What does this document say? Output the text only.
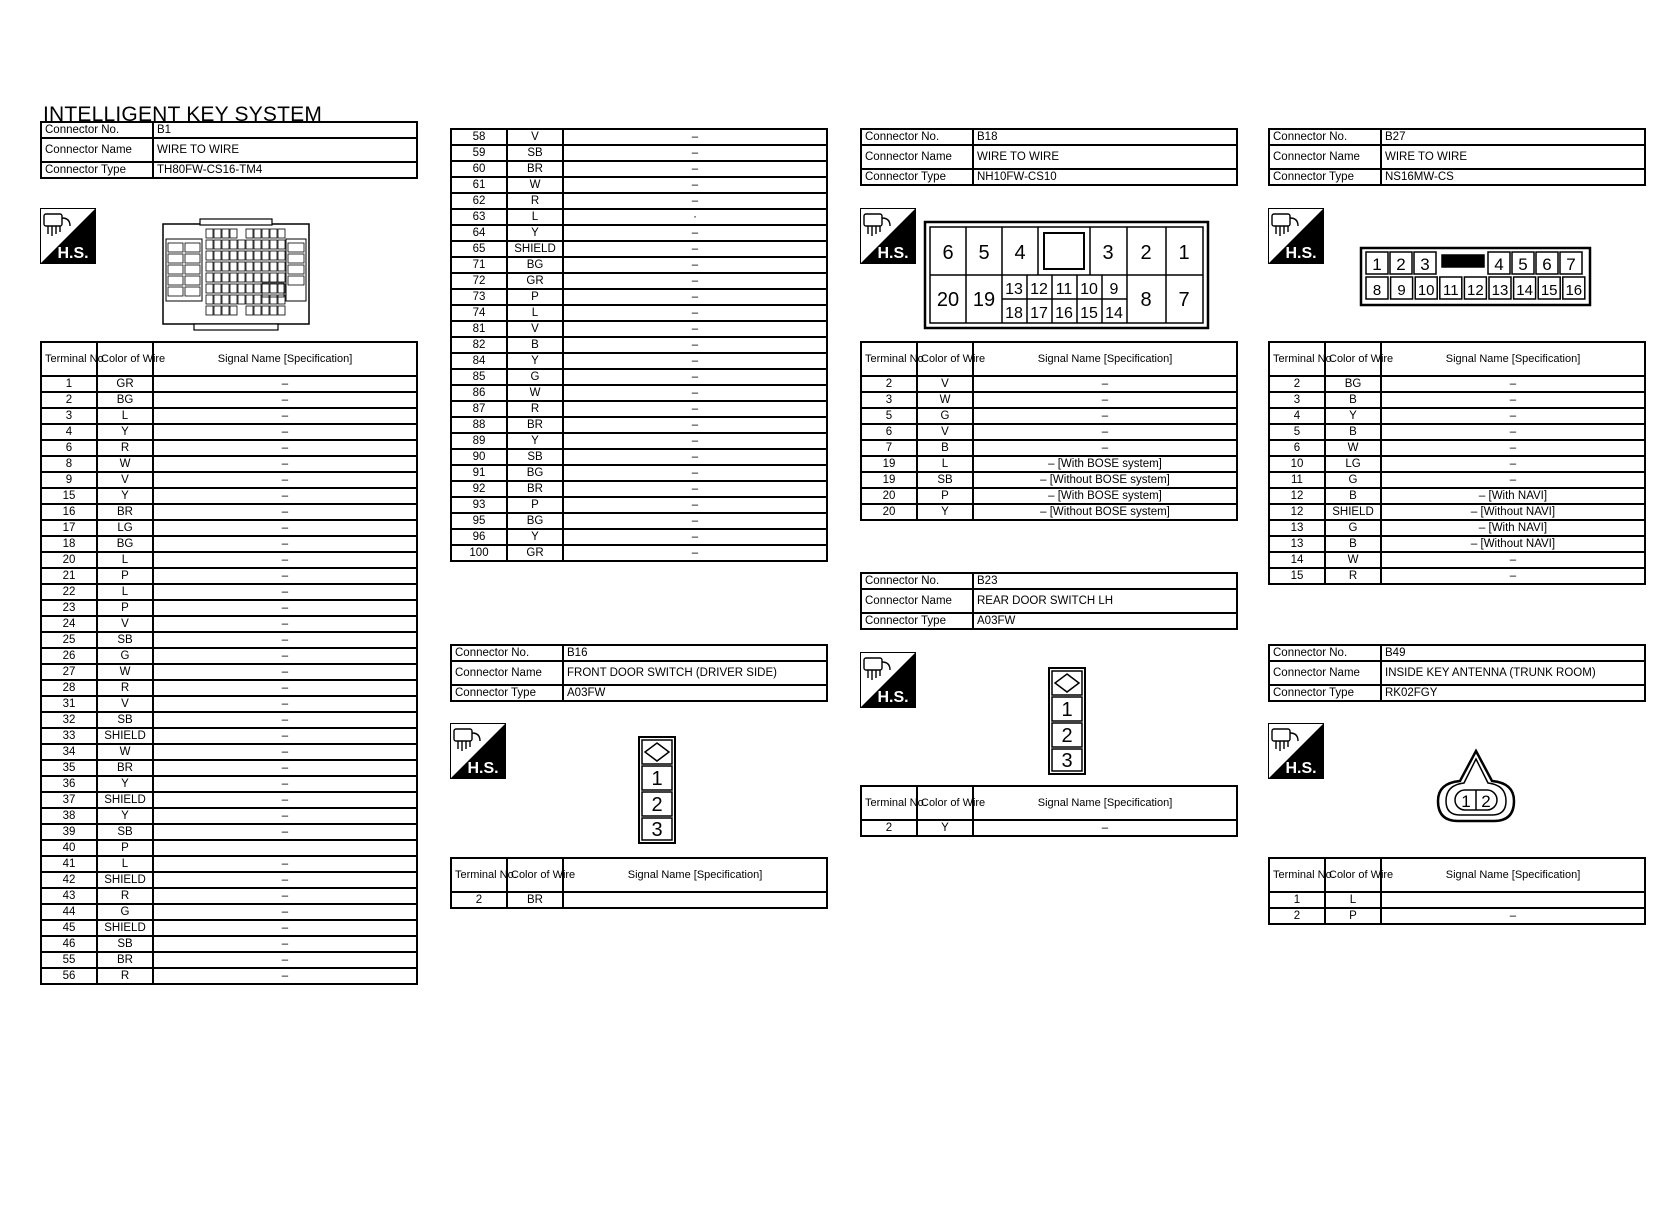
INTELLIGENT KEY SYSTEM
Connector No.	B1
Connector Name	WIRE TO WIRE
Connector Type	TH80FW-CS16-TM4
H.S.
Terminal No.	Color of Wire	Signal Name [Specification]
1	GR	–
2	BG	–
3	L	–
4	Y	–
6	R	–
8	W	–
9	V	–
15	Y	–
16	BR	–
17	LG	–
18	BG	–
20	L	–
21	P	–
22	L	–
23	P	–
24	V	–
25	SB	–
26	G	–
27	W	–
28	R	–
31	V	–
32	SB	–
33	SHIELD	–
34	W	–
35	BR	–
36	Y	–
37	SHIELD	–
38	Y	–
39	SB	–
40	P	
41	L	–
42	SHIELD	–
43	R	–
44	G	–
45	SHIELD	–
46	SB	–
55	BR	–
56	R	–
58	V	–
59	SB	–
60	BR	–
61	W	–
62	R	–
63	L	·
64	Y	–
65	SHIELD	–
71	BG	–
72	GR	–
73	P	–
74	L	–
81	V	–
82	B	–
84	Y	–
85	G	–
86	W	–
87	R	–
88	BR	–
89	Y	–
90	SB	–
91	BG	–
92	BR	–
93	P	–
95	BG	–
96	Y	–
100	GR	–
Connector No.	B16
Connector Name	FRONT DOOR SWITCH (DRIVER SIDE)
Connector Type	A03FW
H.S.	1
2
3
Terminal No.	Color of Wire	Signal Name [Specification]
2	BR	
Connector No.	B18
Connector Name	WIRE TO WIRE
Connector Type	NH10FW-CS10
H.S. 6 5 4	3 2 1
20 19	8 7
13 12 11 10 9
18 17 16 15 14
Terminal No.	Color of Wire	Signal Name [Specification]
2	V	–
3	W	–
5	G	–
6	V	–
7	B	–
19	L	– [With BOSE system]
19	SB	– [Without BOSE system]
20	P	– [With BOSE system]
20	Y	– [Without BOSE system]
Connector No.	B23
Connector Name	REAR DOOR SWITCH LH
Connector Type	A03FW
H.S.
1
2
3
Terminal No.	Color of Wire	Signal Name [Specification]
2	Y	–
Connector No.	B27
Connector Name	WIRE TO WIRE
Connector Type	NS16MW-CS
H.S.
1 2 3	4 5 6 7
8 9 10 11 12 13 14 15 16
Terminal No.	Color of Wire	Signal Name [Specification]
2	BG	–
3	B	–
4	Y	–
5	B	–
6	W	–
10	LG	–
11	G	–
12	B	– [With NAVI]
12	SHIELD	– [Without NAVI]
13	G	– [With NAVI]
13	B	– [Without NAVI]
14	W	–
15	R	–
Connector No.	B49
Connector Name	INSIDE KEY ANTENNA (TRUNK ROOM)
Connector Type	RK02FGY
H.S.
1 2
Terminal No.	Color of Wire	Signal Name [Specification]
1	L	
2	P	–
